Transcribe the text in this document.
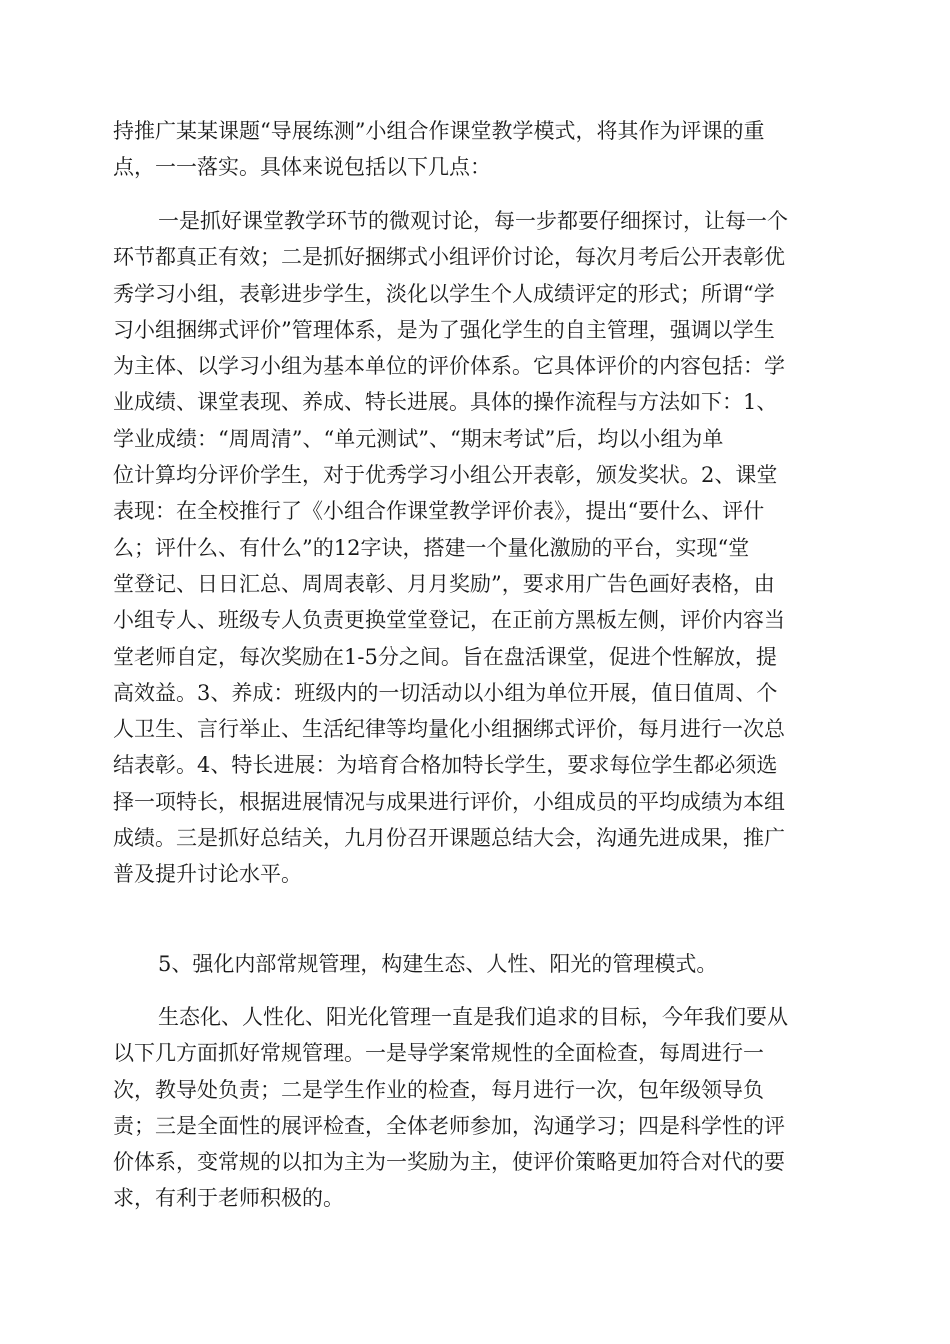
持推广某某课题“导展练测”小组合作课堂教学模式，将其作为评课的重
点，一一落实。具体来说包括以下几点：

一是抓好课堂教学环节的微观讨论，每一步都要仔细探讨，让每一个
环节都真正有效；二是抓好捆绑式小组评价讨论，每次月考后公开表彰优
秀学习小组，表彰进步学生，淡化以学生个人成绩评定的形式；所谓“学
习小组捆绑式评价”管理体系，是为了强化学生的自主管理，强调以学生
为主体、以学习小组为基本单位的评价体系。它具体评价的内容包括：学
业成绩、课堂表现、养成、特长进展。具体的操作流程与方法如下：1、
学业成绩：“周周清”、“单元测试”、“期末考试”后，均以小组为单
位计算均分评价学生，对于优秀学习小组公开表彰，颁发奖状。2、课堂
表现：在全校推行了《小组合作课堂教学评价表》，提出“要什么、评什
么；评什么、有什么”的12字诀，搭建一个量化激励的平台，实现“堂
堂登记、日日汇总、周周表彰、月月奖励”，要求用广告色画好表格，由
小组专人、班级专人负责更换堂堂登记，在正前方黑板左侧，评价内容当
堂老师自定，每次奖励在1-5分之间。旨在盘活课堂，促进个性解放，提
高效益。3、养成：班级内的一切活动以小组为单位开展，值日值周、个
人卫生、言行举止、生活纪律等均量化小组捆绑式评价，每月进行一次总
结表彰。4、特长进展：为培育合格加特长学生，要求每位学生都必须选
择一项特长，根据进展情况与成果进行评价，小组成员的平均成绩为本组
成绩。三是抓好总结关，九月份召开课题总结大会，沟通先进成果，推广
普及提升讨论水平。

5、强化内部常规管理，构建生态、人性、阳光的管理模式。

生态化、人性化、阳光化管理一直是我们追求的目标，今年我们要从
以下几方面抓好常规管理。一是导学案常规性的全面检查，每周进行一
次，教导处负责；二是学生作业的检查，每月进行一次，包年级领导负
责；三是全面性的展评检查，全体老师参加，沟通学习；四是科学性的评
价体系，变常规的以扣为主为一奖励为主，使评价策略更加符合对代的要
求，有利于老师积极的。
